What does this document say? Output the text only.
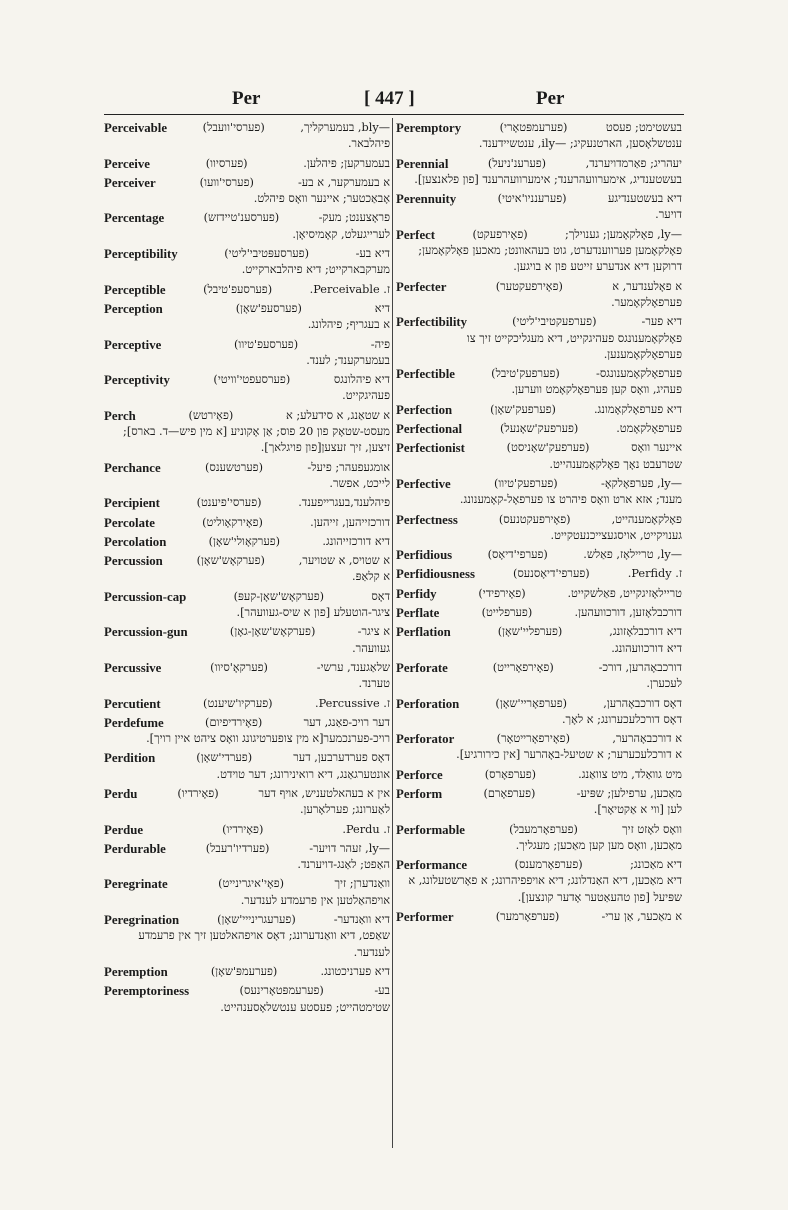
Per	[ 447 ]	Per
Perceivable	(פערסי'וועבל)	—bly, בעמערקליך,
פיהלבאר.
Perceive	(פערסיוו)	בעמערקען; פיהלען.
Perceiver	(פערסי'וועו)	א בעמערקער, א בע-
אָבאַכטער; איינער וואָס פיהלט.
Percentage	(פערסענ'טיידזש)	פראָצענט; מעק-
לערייגעלט, קאָמיסיאָן.
Perceptibility	(פערסעפּטיבי'ליטי)	דיא בע-
מערקבארקייט; דיא פיהלבארקייט.
Perceptible	(פערסעפ'טיבל)	ז. Perceivable.
Perception	(פערסעפ'שאָן)	דיא
א בעגריף; פיהלונג.
Perceptive	(פערסעפ'טיוו)	פיה-
בעמערקענד; לענד.
Perceptivity	(פערסעפטי'וויטי)	דיא פיהלונגס
פעהיגקייט.
Perch	(פאָירטש)	א שטאַנג, א סידעלע; א
מעסט-שטאָק פון 20 פוס; אַן אָקוניע [א מין פיש—ד. בארס]; זיצען, זיך זעצען[פון פויגלאך].
Perchance	(פערטשענס)	אומגעפעהר; פיעל-
לייכט, אפשר.
Percipient	(פערסי'פיענט)	פיהלענד,בעגרייפענד.
Percolate	(פאָירקאָוליט)	דורכזייהען, זייהען.
Percolation	(פערקאָולי'שאָן)	דיא דורכזייהונג.
Percussion	(פערקאָש'שאָן)	א שטויס, א שטויער,
א קלאַפּ.
Percussion-cap	(פערקאָש'שאָן-קעפּ)	דאָס
ציגר-הוטעלע [פון א שיס-געוועהר].
Percussion-gun	(פערקאָש'שאָן-גאָן)	א ציגר-
געוועהר.
Percussive	(פערקאָ'סיוו)	שלאַגענד, ערשי-
טערנד.
Percutient	(פערקיו'שיענט)	ז. Percussive.
Perdefume	(פאָירדיפיום)	דער רויכ-פאַנג, דער
רויכ-פערנכמער[א מין צופערטיגונג וואָס ציהט איין רויך].
Perdition	(פערדי'שאָן)	דאָס פערדערבען, דער
אונטערגאַנג, דיא רואינירונג; דער טוידט.
Perdu	(פאָירדיו)	אין א בעהאלטעניש, אויף דער
לאַערונג; פערלאָרען.
Perdue	(פאָירדיו)	ז. Perdu.
Perdurable	(פערדיו'רעבל)	—ly, זעהר דויער-
האַפט; לאַנג-דויערנד.
Peregrinate	(פאָי'איגרינייט)	וואַנדערן; זיך
אויפהאַלטען אין פרעמדע לענדער.
Peregrination	(פערעגרינייי'שאָן)	דיא וואַנדער-
שאַפט, דיא וואַנדערונג; דאָס אויפהאלטען זיך אין פרעמדע לענדער.
Peremption	(פערעמפּ'שאָן)	דיא פערניכטונג.
Peremptoriness	(פערעמפּטאָרינעס)	בע-
שטימטהייט; פעסטע ענטשלאָסענהייט.
Peremptory	(פערעמפּטאָרי)	בעשטימט; פעסט
ענטשלאָסען, הארטנעקיג; —ily, ענטשיידענד.
Perennial	(פערענ'ניעל)	יעהריג; פאַרמדויערנד,
בעשטענדיג, אימערוועהרענד; אימערוועהרענד [פון פלאנצען].
Perennuity	(פערענניו'איטי)	דיא בעשטענדיגע
דויער.
Perfect	(פאָירפעקט)	—ly, פאָלקאָמען; גענוילך;
פאָלקאָמען פערווענדערט, גוט בעהאוונט; מאכען פאָלקאָמען; דרוקען דיא אנדערע זייטע פון א בויגען.
Perfecter	(פאָירפעקטער)	א פאָלענדער, א
פערפאָלקאָמער.
Perfectibility	(פערפעקטיבי'ליטי)	דיא פער-
פאָלקאָמענונגס פעהיגקייט, דיא מעגליכקייט זיך צו פערפאָלקאָמענען.
Perfectible	(פערפעק'טיבל)	פערפאָלקאָמענונגס-
פעהיג, וואָס קען פערפאָלקאָמט ווערען.
Perfection	(פערפעק'שאָן)	דיא פערפאָלקאָמונג.
Perfectional	(פערפעק'שאָנעל)	פערפאָלקאָמט.
Perfectionist	(פערפעק'שאָניסט)	איינער וואָס
שטרעבט נאָך פאָלקאָמענהייט.
Perfective	(פערפעק'טיוו)	—ly, פערפאָלקאָ-
מענד; אזא ארט וואָס פיהרט צו פערפאָל-קאָמענונג.
Perfectness	(פאָירפעקטנעס)	פאָלקאָמענהייט,
גענויקייט, אויסגעצייכנעטקייט.
Perfidious	(פערפי'דיאָס)	—ly, טריילאָז, פאַלש.
Perfidiousness	(פערפי'דיאָסנעס)	ז. Perfidy.
Perfidy	(פאָירפידי)	טריילאָזיגקייט, פאַלשקייט.
Perflate	(פערפלייט)	דורכבלאָזען, דורכוועהען.
Perflation	(פערפליי'שאָן)	דיא דורכבלאָזונג,
דיא דורכוועהונג.
Perforate	(פאָירפאָרייט)	דורכבאָהרען, דורכ-
לעכערן.
Perforation	(פערפאָריי'שאָן)	דאָס דורכבאָהרען,
דאָס דורכלעכערונג; א לאָך.
Perforator	(פאָירפאָרייטאָר)	א דורכבאָהרער,
א דורכלעכערער; א שטיעל-באָהרער [אין כירורגיע].
Perforce	(פערפאָרס)	מיט גוואַלד, מיט צוואַנג.
Perform	(פערפאָרם)	מאַכען, ערפילען; שפּיע-
לען [ווי א אַקטיאָר].
Performable	(פערפאָרמעבל)	וואָס לאָזט זיך
מאַכען, וואָס מען קען מאַכען; מעגליך.
Performance	(פערפאָרמענס)	דיא מאַכונג;
דיא מאַכען, דיא האַנדלונג; דיא אויפפיהרונג; א פאָרשטעלונג, א שפּיעל [פון טהעאַטער אָדער קונצען].
Performer	(פערפאָרמער)	א מאַכער, אַן ערי-
